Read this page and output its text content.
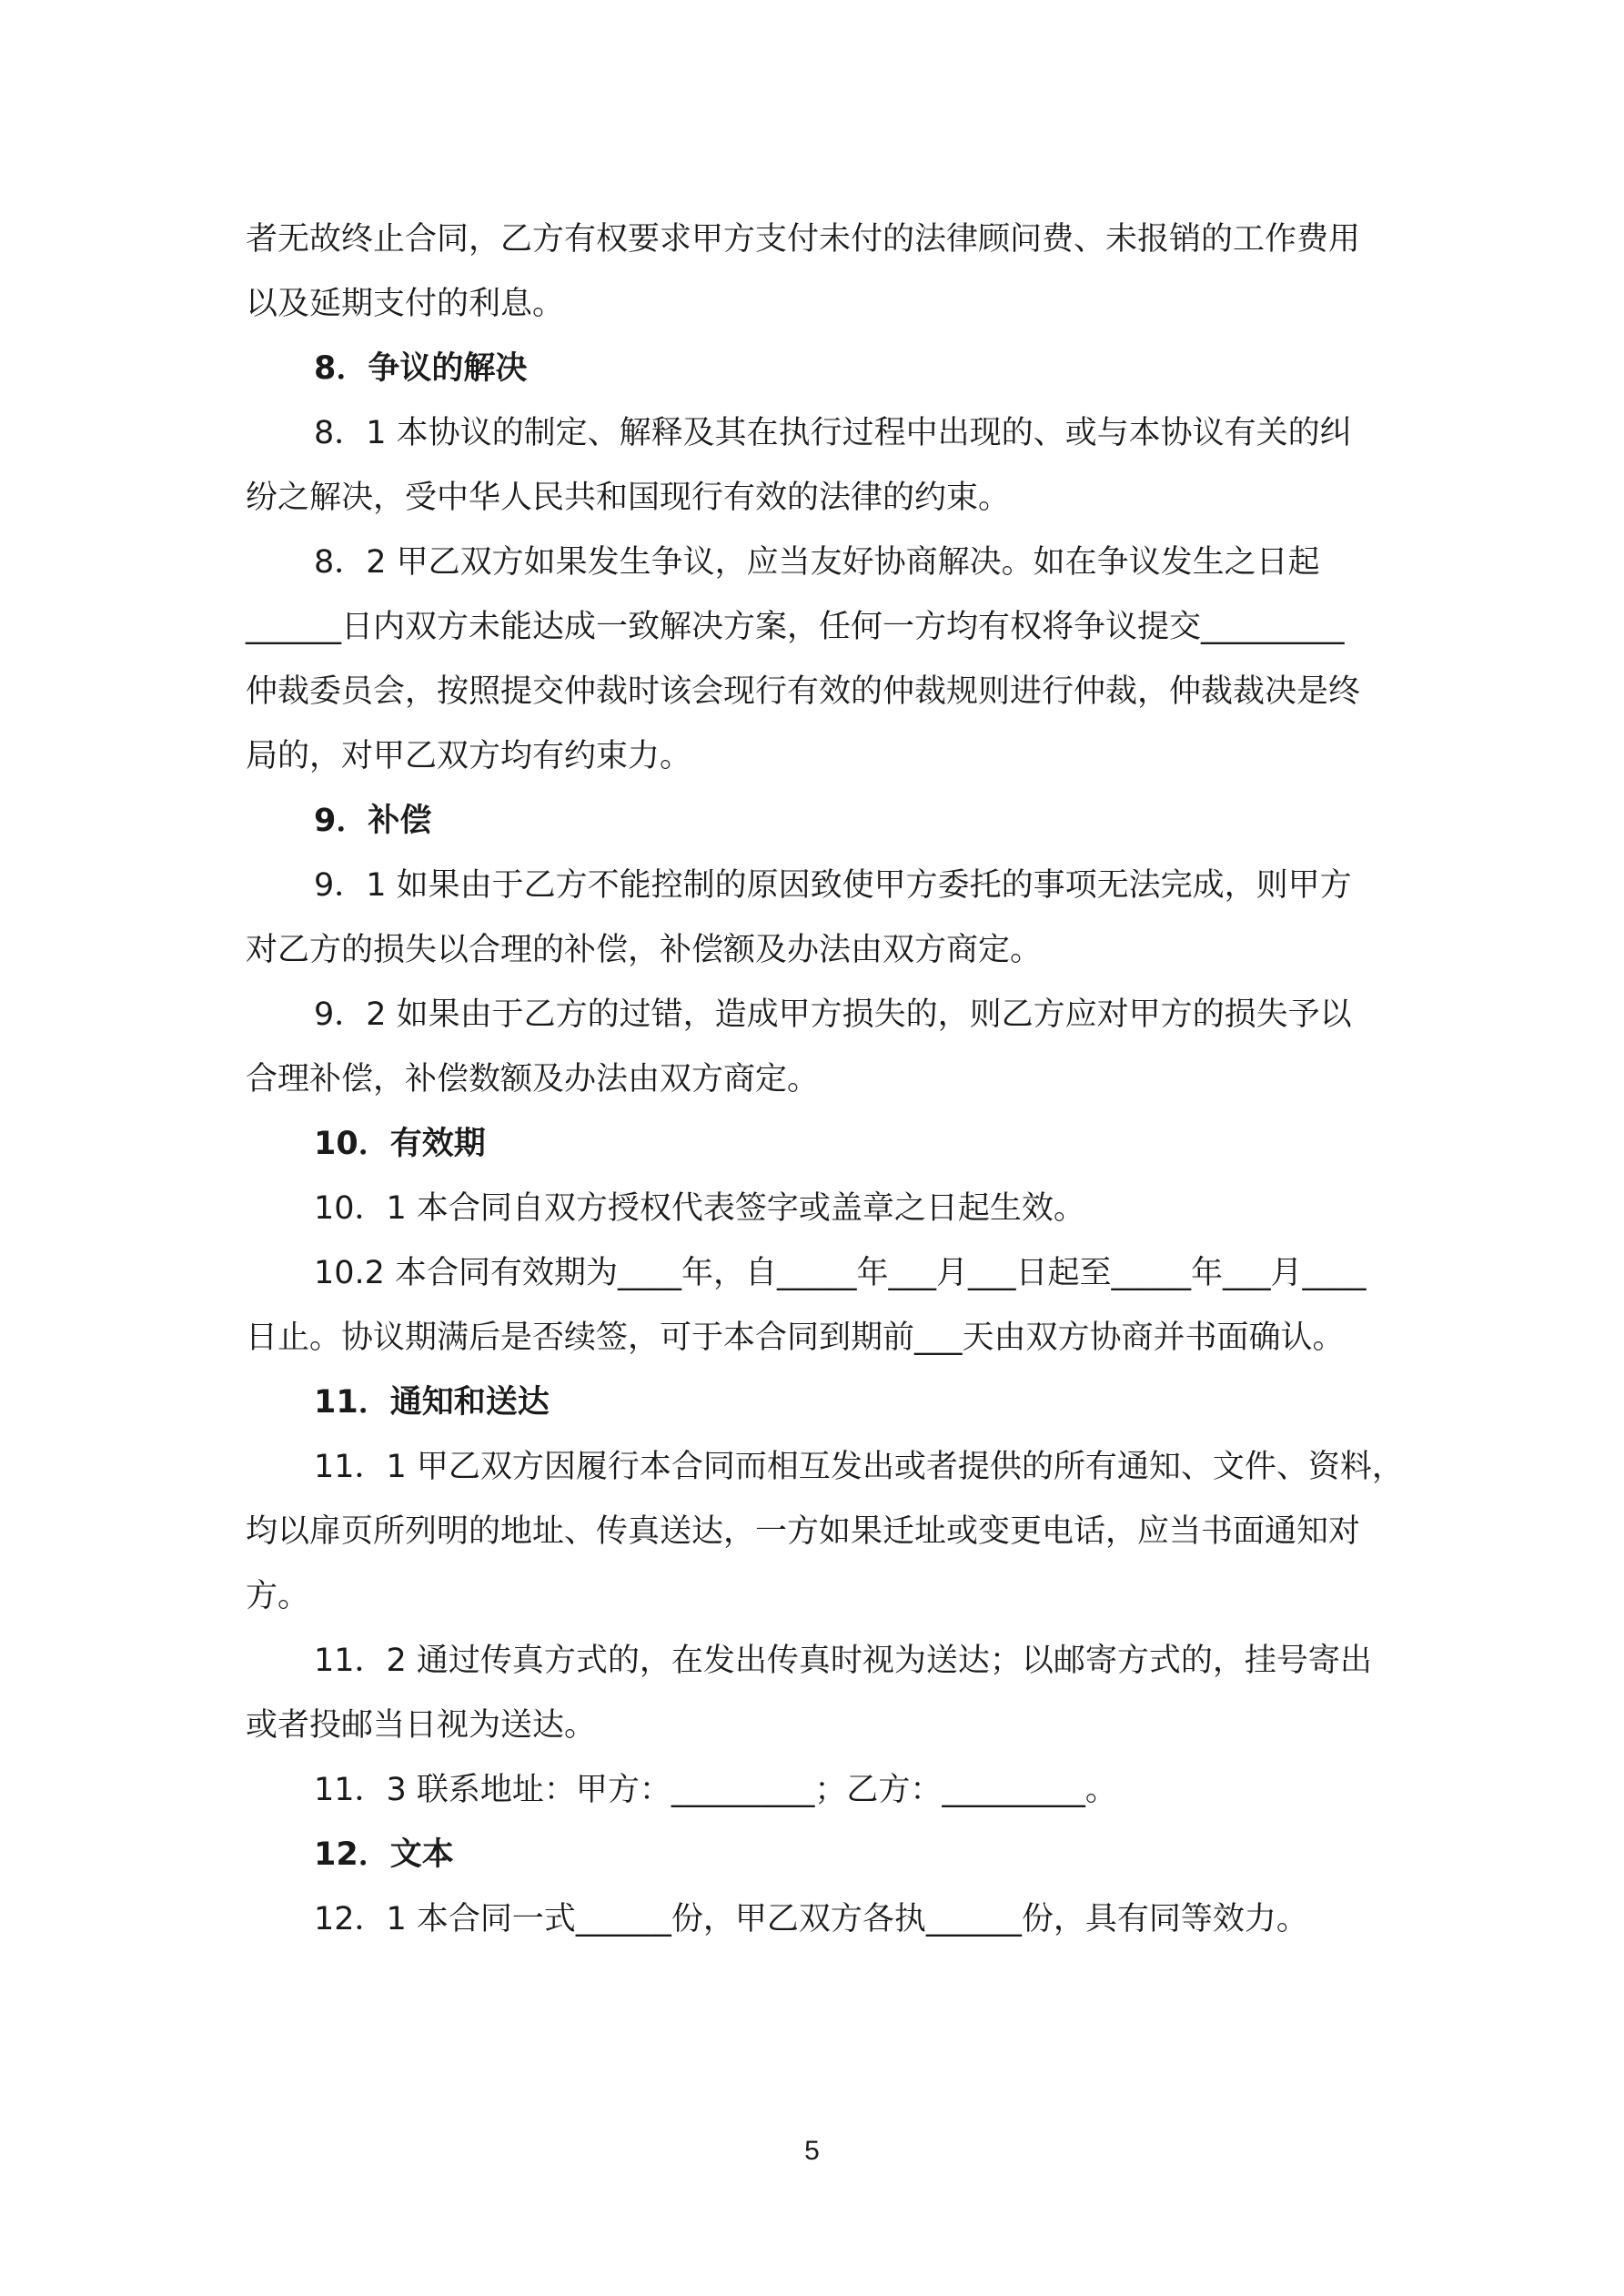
者无故终止合同，乙方有权要求甲方支付未付的法律顾问费、未报销的工作费用
以及延期支付的利息。
8．争议的解决
8．1 本协议的制定、解释及其在执行过程中出现的、或与本协议有关的纠
纷之解决，受中华人民共和国现行有效的法律的约束。
8．2 甲乙双方如果发生争议，应当友好协商解决。如在争议发生之日起
______日内双方未能达成一致解决方案，任何一方均有权将争议提交_________
仲裁委员会，按照提交仲裁时该会现行有效的仲裁规则进行仲裁，仲裁裁决是终
局的，对甲乙双方均有约束力。
9．补偿
9．1 如果由于乙方不能控制的原因致使甲方委托的事项无法完成，则甲方
对乙方的损失以合理的补偿，补偿额及办法由双方商定。
9．2 如果由于乙方的过错，造成甲方损失的，则乙方应对甲方的损失予以
合理补偿，补偿数额及办法由双方商定。
10．有效期
10．1 本合同自双方授权代表签字或盖章之日起生效。
10.2 本合同有效期为____年，自_____年___月___日起至_____年___月____
日止。协议期满后是否续签，可于本合同到期前___天由双方协商并书面确认。
11．通知和送达
11．1 甲乙双方因履行本合同而相互发出或者提供的所有通知、文件、资料，
均以扉页所列明的地址、传真送达，一方如果迁址或变更电话，应当书面通知对
方。
11．2 通过传真方式的，在发出传真时视为送达；以邮寄方式的，挂号寄出
或者投邮当日视为送达。
11．3 联系地址：甲方：_________；乙方：_________。
12．文本
12．1 本合同一式______份，甲乙双方各执______份，具有同等效力。
5
